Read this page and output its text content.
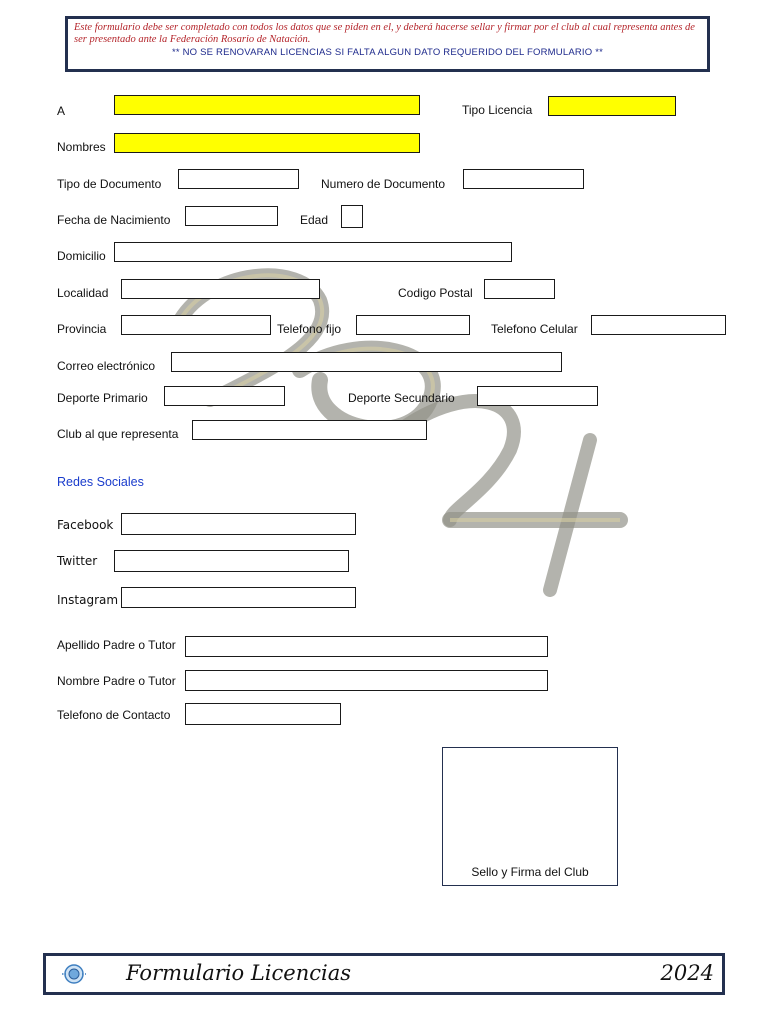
Este formulario debe ser completado con todos los datos que se piden en el, y deberá hacerse sellar y firmar por el club al cual representa antes de ser presentado ante la Federación Rosario de Natación.
** NO SE RENOVARAN LICENCIAS SI FALTA ALGUN DATO REQUERIDO DEL FORMULARIO **
A	Tipo Licencia
Nombres
Tipo de Documento	Numero de Documento
Fecha de Nacimiento	Edad
Domicilio
Localidad	Codigo Postal
Provincia	Telefono fijo	Telefono Celular
Correo electrónico
Deporte Primario	Deporte Secundario
Club al que representa
Redes Sociales
Facebook
Twitter
Instagram
Apellido Padre o Tutor
Nombre Padre o Tutor
Telefono de Contacto
Sello y Firma del Club
Formulario Licencias	2024
